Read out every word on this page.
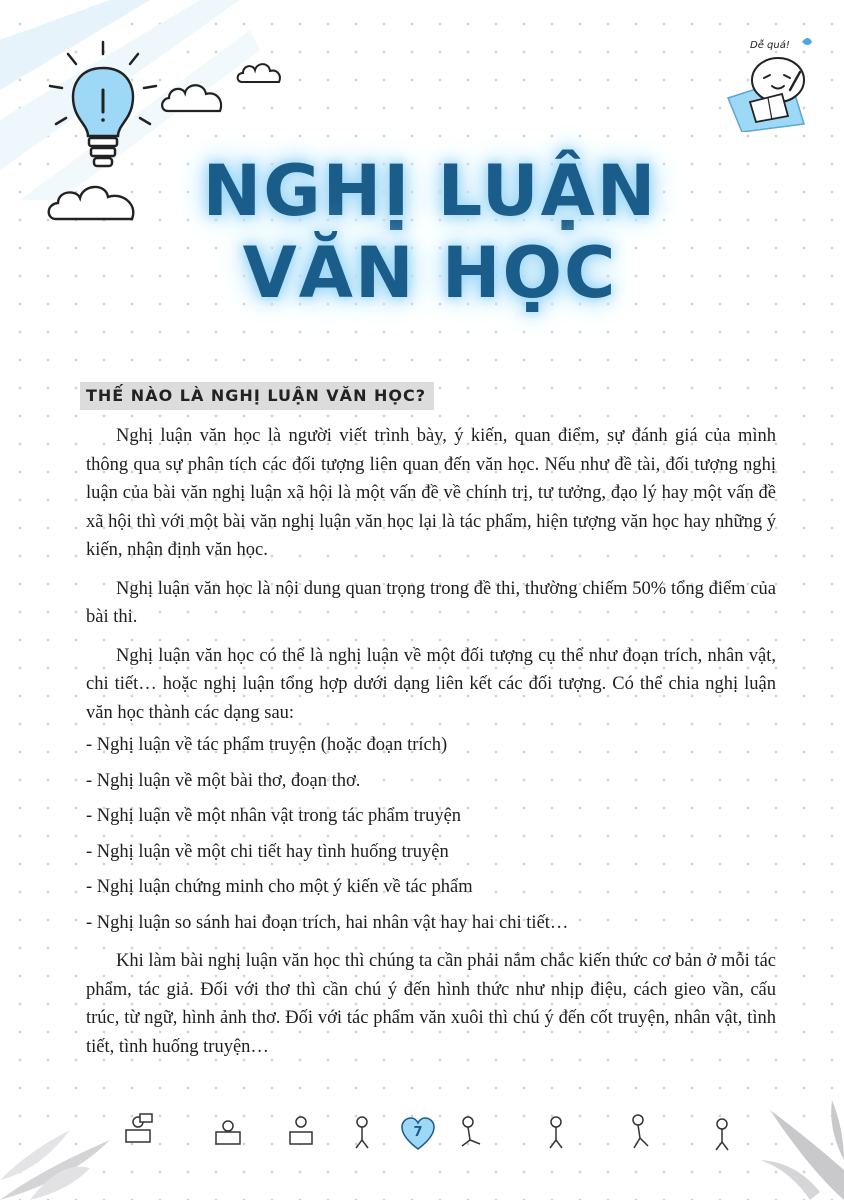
Dễ quá!
NGHỊ LUẬN
VĂN HỌC
THẾ NÀO LÀ NGHỊ LUẬN VĂN HỌC?

Nghị luận văn học là người viết trình bày, ý kiến, quan điểm, sự đánh giá của mình thông qua sự phân tích các đối tượng liên quan đến văn học. Nếu như đề tài, đối tượng nghị luận của bài văn nghị luận xã hội là một vấn đề về chính trị, tư tưởng, đạo lý hay một vấn đề xã hội thì với một bài văn nghị luận văn học lại là tác phẩm, hiện tượng văn học hay những ý kiến, nhận định văn học.

Nghị luận văn học là nội dung quan trọng trong đề thi, thường chiếm 50% tổng điểm của bài thi.

Nghị luận văn học có thể là nghị luận về một đối tượng cụ thể như đoạn trích, nhân vật, chi tiết… hoặc nghị luận tổng hợp dưới dạng liên kết các đối tượng. Có thể chia nghị luận văn học thành các dạng sau:

- Nghị luận về tác phẩm truyện (hoặc đoạn trích)
- Nghị luận về một bài thơ, đoạn thơ.
- Nghị luận về một nhân vật trong tác phẩm truyện
- Nghị luận về một chi tiết hay tình huống truyện
- Nghị luận chứng minh cho một ý kiến về tác phẩm
- Nghị luận so sánh hai đoạn trích, hai nhân vật hay hai chi tiết…

Khi làm bài nghị luận văn học thì chúng ta cần phải nắm chắc kiến thức cơ bản ở mỗi tác phẩm, tác giả. Đối với thơ thì cần chú ý đến hình thức như nhịp điệu, cách gieo vần, cấu trúc, từ ngữ, hình ảnh thơ. Đối với tác phẩm văn xuôi thì chú ý đến cốt truyện, nhân vật, tình tiết, tình huống truyện…

7
